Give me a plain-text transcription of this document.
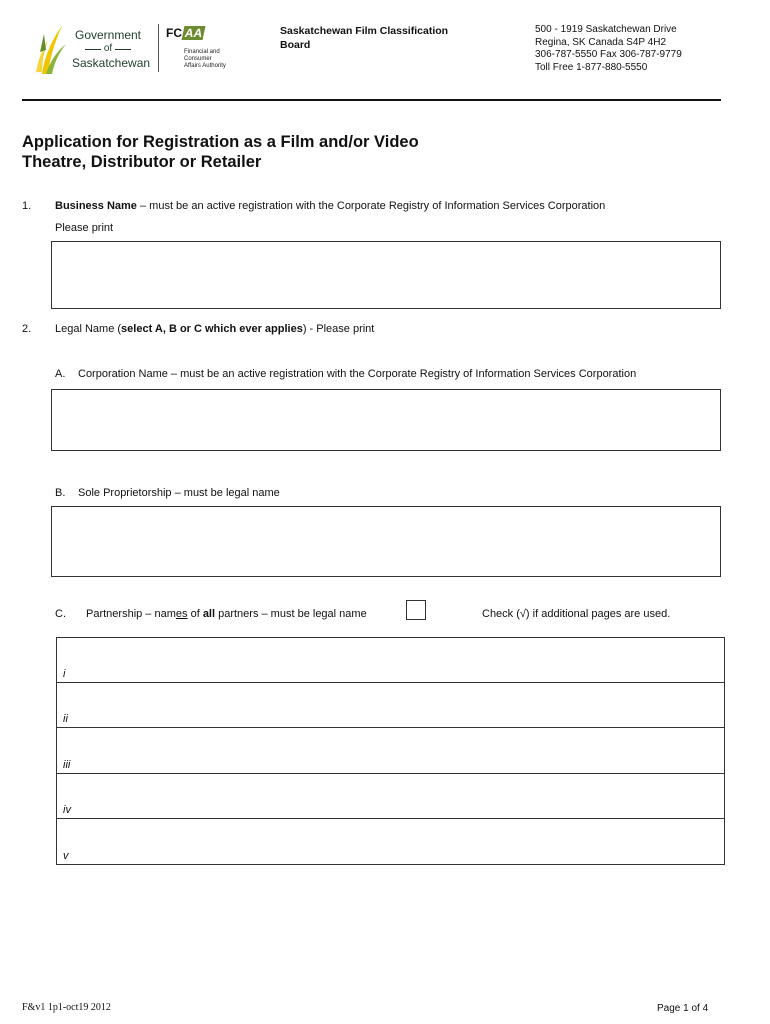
Government
of
Saskatchewan
FC AA
Financial and
Consumer
Affairs Authority
Saskatchewan Film Classification Board
500 - 1919 Saskatchewan Drive
Regina, SK Canada S4P 4H2
306-787-5550 Fax 306-787-9779
Toll Free 1-877-880-5550
Application for Registration as a Film and/or Video
Theatre, Distributor or Retailer
1. Business Name – must be an active registration with the Corporate Registry of Information Services Corporation
Please print
2. Legal Name (select A, B or C which ever applies) - Please print
A. Corporation Name – must be an active registration with the Corporate Registry of Information Services Corporation
B. Sole Proprietorship – must be legal name
C. Partnership – names of all partners – must be legal name	Check (√) if additional pages are used.
i
ii
iii
iv
v
F&v1 1p1-oct19 2012	Page 1 of 4
